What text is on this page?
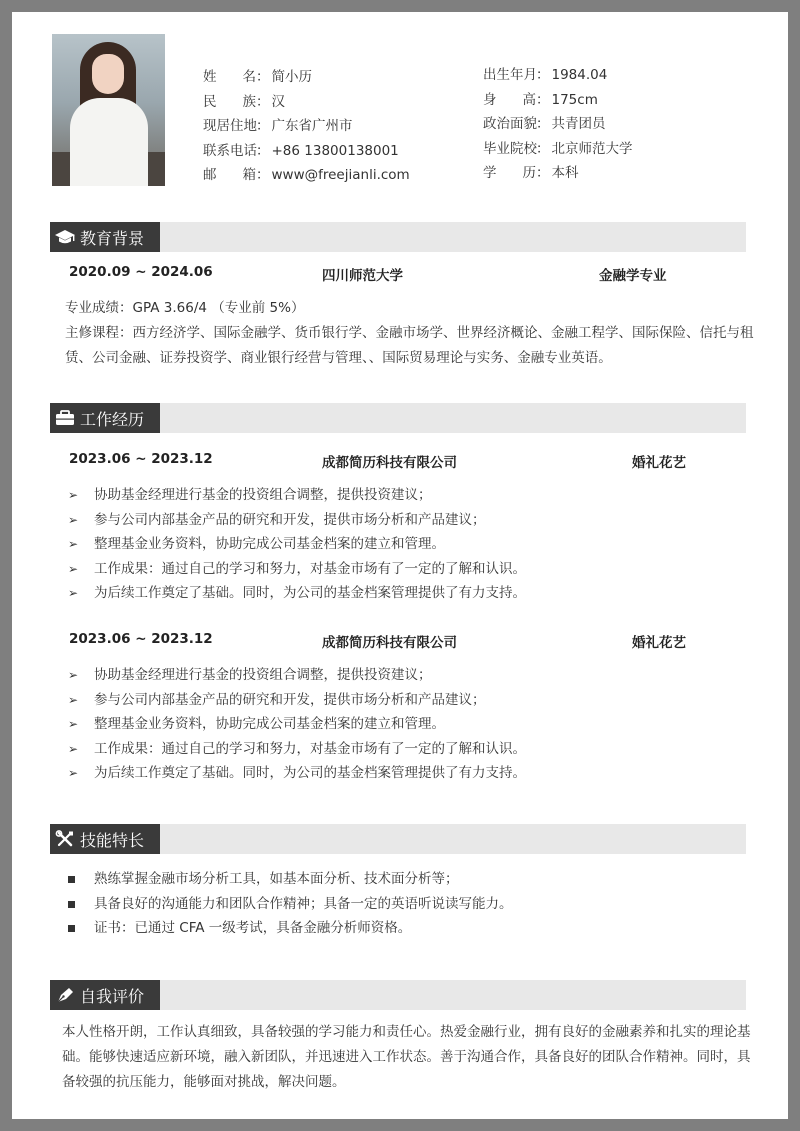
姓名 ： 简小历
民族 ： 汉
现居住地 ： 广东省广州市
联系电话 ： +86 13800138001
邮箱 ： www@freejianli.com
出生年月 ： 1984.04
身高 ： 175cm
政治面貌 ： 共青团员
毕业院校 ： 北京师范大学
学历 ： 本科
教育背景
2020.09 ~ 2024.06	四川师范大学	金融学专业
专业成绩：GPA 3.66/4 （专业前 5%）
主修课程：西方经济学、国际金融学、货币银行学、金融市场学、世界经济概论、金融工程学、国际保险、信托与租赁、公司金融、证券投资学、商业银行经营与管理、、国际贸易理论与实务、金融专业英语。
工作经历
2023.06 ~ 2023.12	成都简历科技有限公司	婚礼花艺
➢ 协助基金经理进行基金的投资组合调整，提供投资建议；
➢ 参与公司内部基金产品的研究和开发，提供市场分析和产品建议；
➢ 整理基金业务资料，协助完成公司基金档案的建立和管理。
➢ 工作成果：通过自己的学习和努力，对基金市场有了一定的了解和认识。
➢ 为后续工作奠定了基础。同时，为公司的基金档案管理提供了有力支持。
2023.06 ~ 2023.12	成都简历科技有限公司	婚礼花艺
➢ 协助基金经理进行基金的投资组合调整，提供投资建议；
➢ 参与公司内部基金产品的研究和开发，提供市场分析和产品建议；
➢ 整理基金业务资料，协助完成公司基金档案的建立和管理。
➢ 工作成果：通过自己的学习和努力，对基金市场有了一定的了解和认识。
➢ 为后续工作奠定了基础。同时，为公司的基金档案管理提供了有力支持。
技能特长
熟练掌握金融市场分析工具，如基本面分析、技术面分析等；
具备良好的沟通能力和团队合作精神；具备一定的英语听说读写能力。
证书：已通过 CFA 一级考试，具备金融分析师资格。
自我评价
本人性格开朗，工作认真细致，具备较强的学习能力和责任心。热爱金融行业，拥有良好的金融素养和扎实的理论基础。能够快速适应新环境，融入新团队，并迅速进入工作状态。善于沟通合作，具备良好的团队合作精神。同时，具备较强的抗压能力，能够面对挑战，解决问题。
